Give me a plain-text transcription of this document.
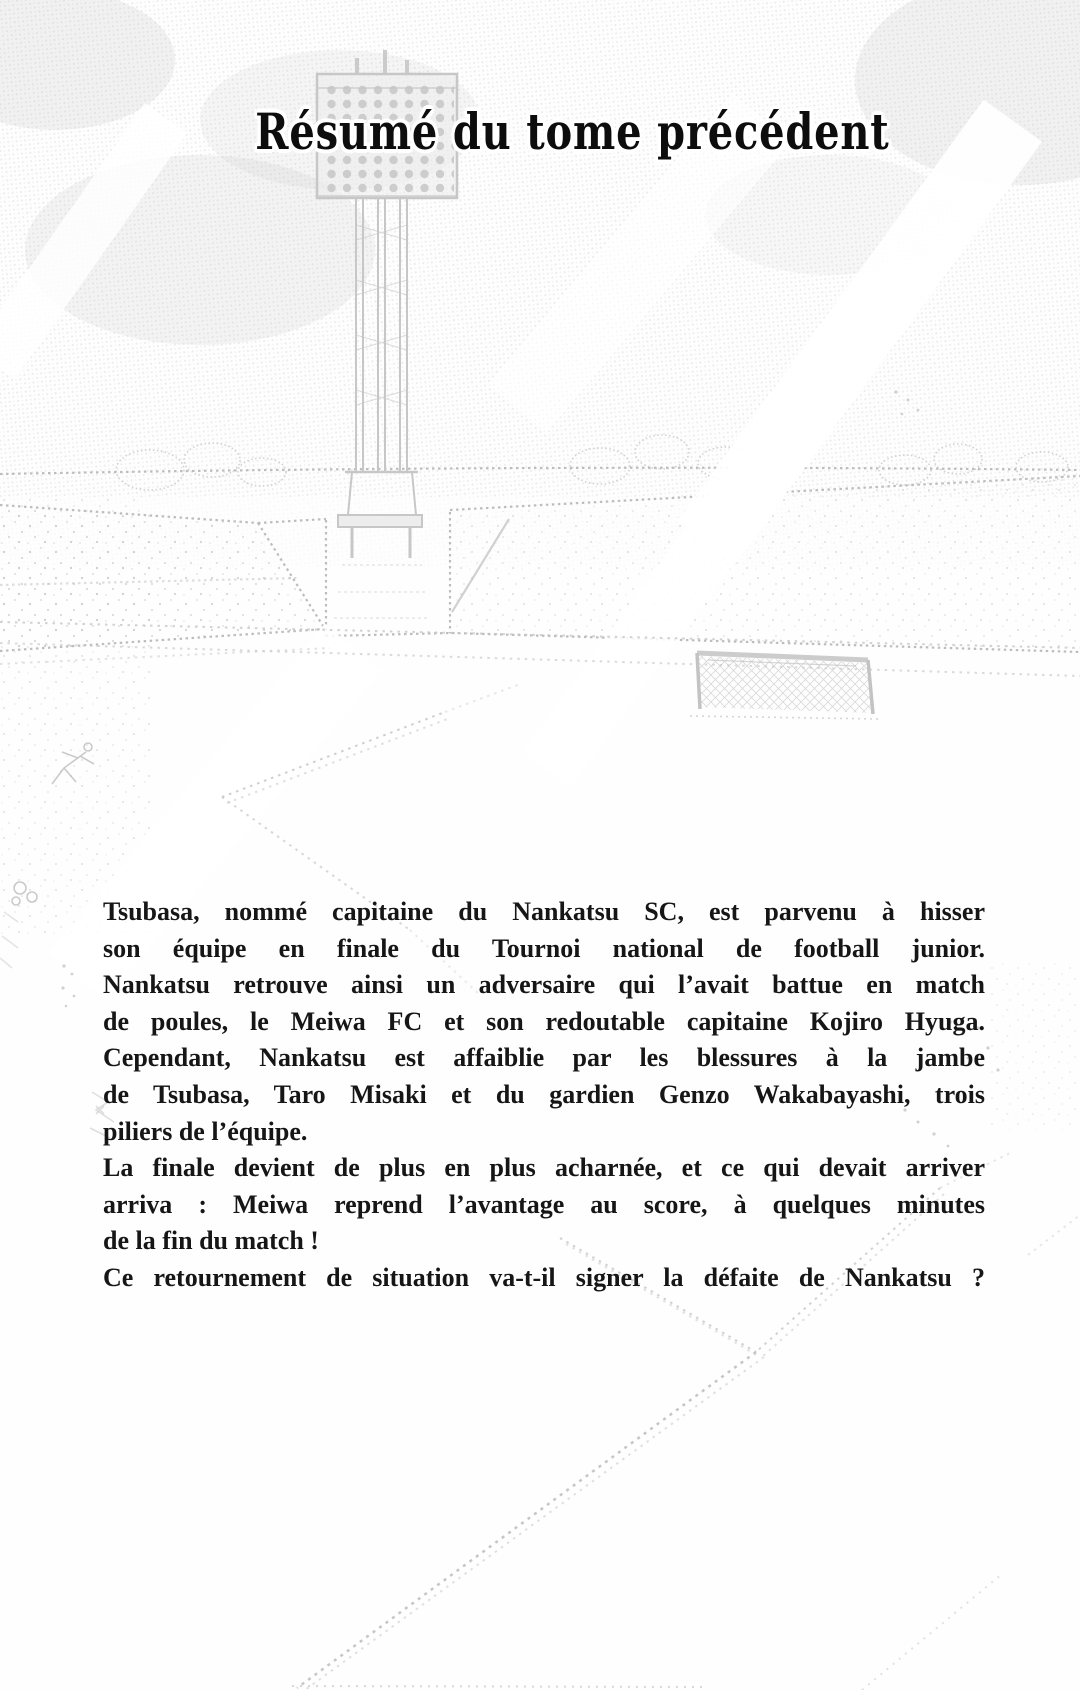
Résumé du tome précédent
Tsubasa, nommé capitaine du Nankatsu SC, est parvenu à hisser
son équipe en finale du Tournoi national de football junior.
Nankatsu retrouve ainsi un adversaire qui l’avait battue en match
de poules, le Meiwa FC et son redoutable capitaine Kojiro Hyuga.
Cependant, Nankatsu est affaiblie par les blessures à la jambe
de Tsubasa, Taro Misaki et du gardien Genzo Wakabayashi, trois
piliers de l’équipe.
La finale devient de plus en plus acharnée, et ce qui devait arriver
arriva : Meiwa reprend l’avantage au score, à quelques minutes
de la fin du match !
Ce retournement de situation va-t-il signer la défaite de Nankatsu ?
